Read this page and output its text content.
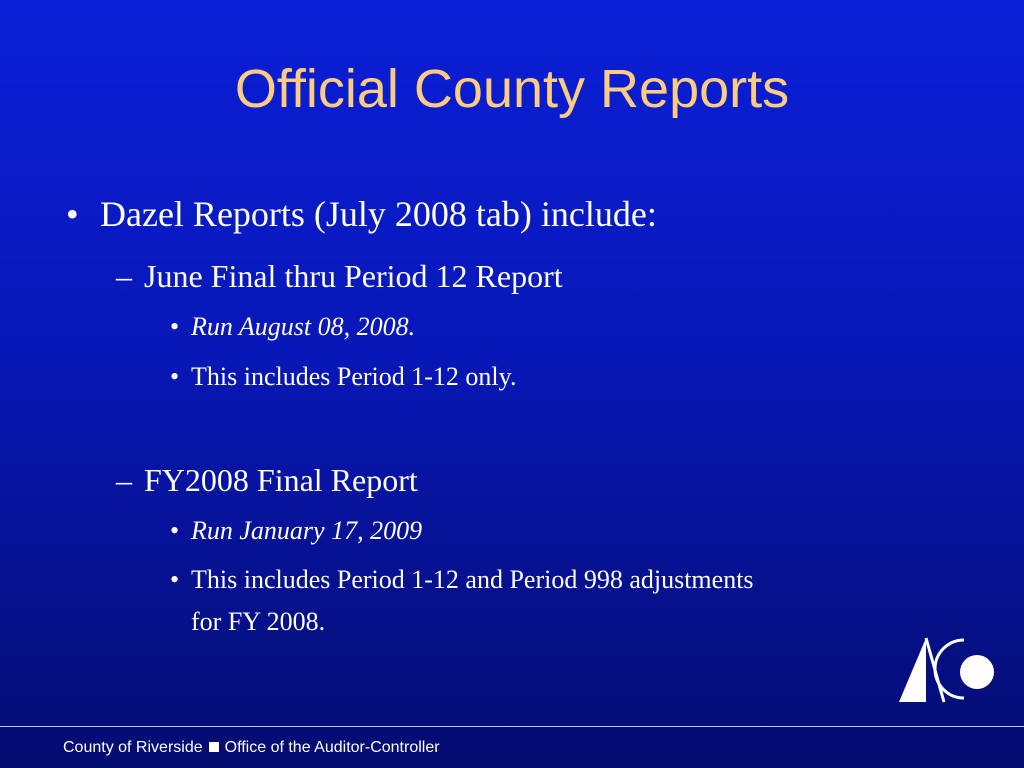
Official County Reports
• Dazel Reports (July 2008 tab) include:
– June Final thru Period 12 Report
• Run August 08, 2008.
• This includes Period 1-12 only.
– FY2008 Final Report
• Run January 17, 2009
• This includes Period 1-12 and Period 998 adjustments
for FY 2008.
County of Riverside Office of the Auditor-Controller
